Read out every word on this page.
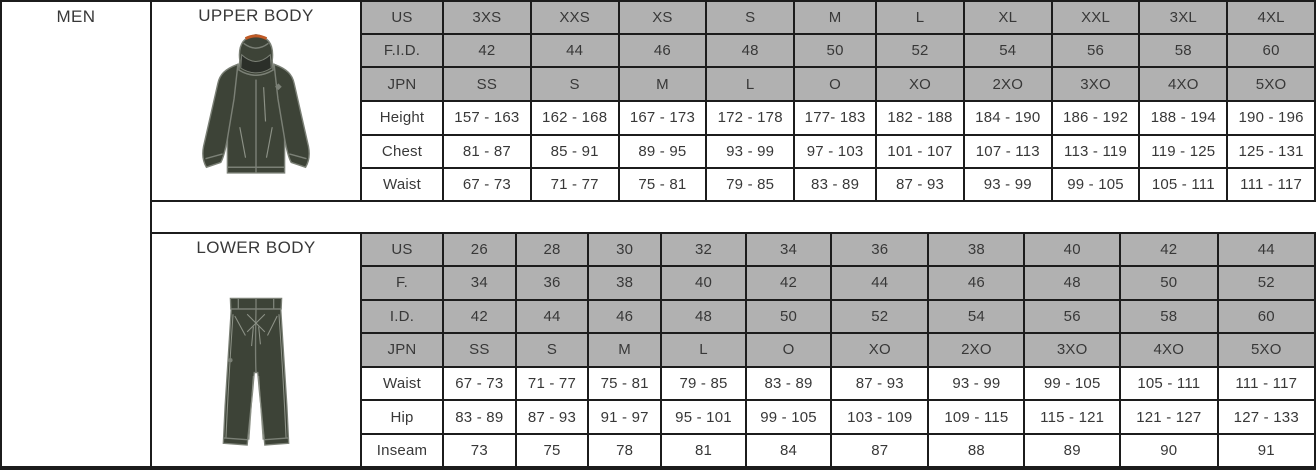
MEN	UPPER BODY	US	3XS	XXS	XS	S	M	L	XL	XXL	3XL	4XL
F.I.D.	42	44	46	48	50	52	54	56	58	60
JPN	SS	S	M	L	O	XO	2XO	3XO	4XO	5XO
Height	157 - 163	162 - 168	167 - 173	172 - 178	177- 183	182 - 188	184 - 190	186 - 192	188 - 194	190 - 196
Chest	81 - 87	85 - 91	89 - 95	93 - 99	97 - 103	101 - 107	107 - 113	113 - 119	119 - 125	125 - 131
Waist	67 - 73	71 - 77	75 - 81	79 - 85	83 - 89	87 - 93	93 - 99	99 - 105	105 - 111	111 - 117
LOWER BODY	US	26	28	30	32	34	36	38	40	42	44
F.	34	36	38	40	42	44	46	48	50	52
I.D.	42	44	46	48	50	52	54	56	58	60
JPN	SS	S	M	L	O	XO	2XO	3XO	4XO	5XO
Waist	67 - 73	71 - 77	75 - 81	79 - 85	83 - 89	87 - 93	93 - 99	99 - 105	105 - 111	111 - 117
Hip	83 - 89	87 - 93	91 - 97	95 - 101	99 - 105	103 - 109	109 - 115	115 - 121	121 - 127	127 - 133
Inseam	73	75	78	81	84	87	88	89	90	91
